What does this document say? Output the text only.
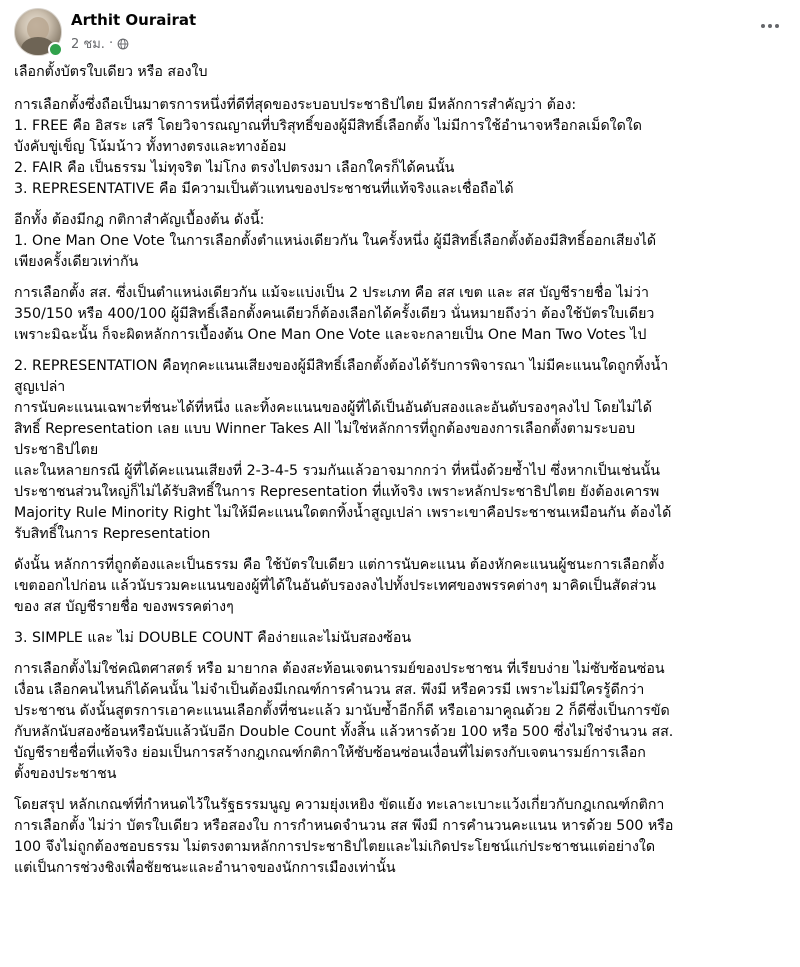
Arthit Ourairat
2 ชม. ·

เลือกตั้งบัตรใบเดียว หรือ สองใบ

การเลือกตั้งซึ่งถือเป็นมาตรการหนึ่งที่ดีที่สุดของระบอบประชาธิปไตย มีหลักการสำคัญว่า ต้อง:
1. FREE คือ อิสระ เสรี โดยวิจารณญาณที่บริสุทธิ์ของผู้มีสิทธิ์เลือกตั้ง ไม่มีการใช้อำนาจหรือกลเม็ดใดใด
บังคับขู่เข็ญ โน้มน้าว ทั้งทางตรงและทางอ้อม
2. FAIR คือ เป็นธรรม ไม่ทุจริต ไม่โกง ตรงไปตรงมา เลือกใครก็ได้คนนั้น
3. REPRESENTATIVE คือ มีความเป็นตัวแทนของประชาชนที่แท้จริงและเชื่อถือได้

อีกทั้ง ต้องมีกฎ กติกาสำคัญเบื้องต้น ดังนี้:
1. One Man One Vote ในการเลือกตั้งตำแหน่งเดียวกัน ในครั้งหนึ่ง ผู้มีสิทธิ์เลือกตั้งต้องมีสิทธิ์ออกเสียงได้
เพียงครั้งเดียวเท่ากัน

การเลือกตั้ง สส. ซึ่งเป็นตำแหน่งเดียวกัน แม้จะแบ่งเป็น 2 ประเภท คือ สส เขต และ สส บัญชีรายชื่อ ไม่ว่า
350/150 หรือ 400/100 ผู้มีสิทธิ์เลือกตั้งคนเดียวก็ต้องเลือกได้ครั้งเดียว นั่นหมายถึงว่า ต้องใช้บัตรใบเดียว
เพราะมิฉะนั้น ก็จะผิดหลักการเบื้องต้น One Man One Vote และจะกลายเป็น One Man Two Votes ไป

2. REPRESENTATION คือทุกคะแนนเสียงของผู้มีสิทธิ์เลือกตั้งต้องได้รับการพิจารณา ไม่มีคะแนนใดถูกทิ้งน้ำ
สูญเปล่า
การนับคะแนนเฉพาะที่ชนะได้ที่หนึ่ง และทิ้งคะแนนของผู้ที่ได้เป็นอันดับสองและอันดับรองๆลงไป โดยไม่ได้
สิทธิ์ Representation เลย แบบ Winner Takes All ไม่ใช่หลักการที่ถูกต้องของการเลือกตั้งตามระบอบ
ประชาธิปไตย
และในหลายกรณี ผู้ที่ได้คะแนนเสียงที่ 2-3-4-5 รวมกันแล้วอาจมากกว่า ที่หนึ่งด้วยซ้ำไป ซึ่งหากเป็นเช่นนั้น
ประชาชนส่วนใหญ่ก็ไม่ได้รับสิทธิ์ในการ Representation ที่แท้จริง เพราะหลักประชาธิปไตย ยังต้องเคารพ
Majority Rule Minority Right ไม่ให้มีคะแนนใดตกทิ้งน้ำสูญเปล่า เพราะเขาคือประชาชนเหมือนกัน ต้องได้
รับสิทธิ์ในการ Representation

ดังนั้น หลักการที่ถูกต้องและเป็นธรรม คือ ใช้บัตรใบเดียว แต่การนับคะแนน ต้องหักคะแนนผู้ชนะการเลือกตั้ง
เขตออกไปก่อน แล้วนับรวมคะแนนของผู้ที่ได้ในอันดับรองลงไปทั้งประเทศของพรรคต่างๆ มาคิดเป็นสัดส่วน
ของ สส บัญชีรายชื่อ ของพรรคต่างๆ

3. SIMPLE และ ไม่ DOUBLE COUNT คือง่ายและไม่นับสองซ้อน

การเลือกตั้งไม่ใช่คณิตศาสตร์ หรือ มายากล ต้องสะท้อนเจตนารมย์ของประชาชน ที่เรียบง่าย ไม่ซับซ้อนซ่อน
เงื่อน เลือกคนไหนก็ได้คนนั้น ไม่จำเป็นต้องมีเกณฑ์การคำนวน สส. พึงมี หรือควรมี เพราะไม่มีใครรู้ดีกว่า
ประชาชน ดังนั้นสูตรการเอาคะแนนเลือกตั้งที่ชนะแล้ว มานับซ้ำอีกก็ดี หรือเอามาคูณด้วย 2 ก็ดีซึ่งเป็นการขัด
กับหลักนับสองซ้อนหรือนับแล้วนับอีก Double Count ทั้งสิ้น แล้วหารด้วย 100 หรือ 500 ซึ่งไม่ใช่จำนวน สส.
บัญชีรายชื่อที่แท้จริง ย่อมเป็นการสร้างกฎเกณฑ์กติกาให้ซับซ้อนซ่อนเงื่อนที่ไม่ตรงกับเจตนารมย์การเลือก
ตั้งของประชาชน

โดยสรุป หลักเกณฑ์ที่กำหนดไว้ในรัฐธรรมนูญ ความยุ่งเหยิง ขัดแย้ง ทะเลาะเบาะแว้งเกี่ยวกับกฎเกณฑ์กติกา
การเลือกตั้ง ไม่ว่า บัตรใบเดียว หรือสองใบ การกำหนดจำนวน สส พึงมี การคำนวนคะแนน หารด้วย 500 หรือ
100 จึงไม่ถูกต้องชอบธรรม ไม่ตรงตามหลักการประชาธิปไตยและไม่เกิดประโยชน์แก่ประชาชนแต่อย่างใด
แต่เป็นการช่วงชิงเพื่อชัยชนะและอำนาจของนักการเมืองเท่านั้น
